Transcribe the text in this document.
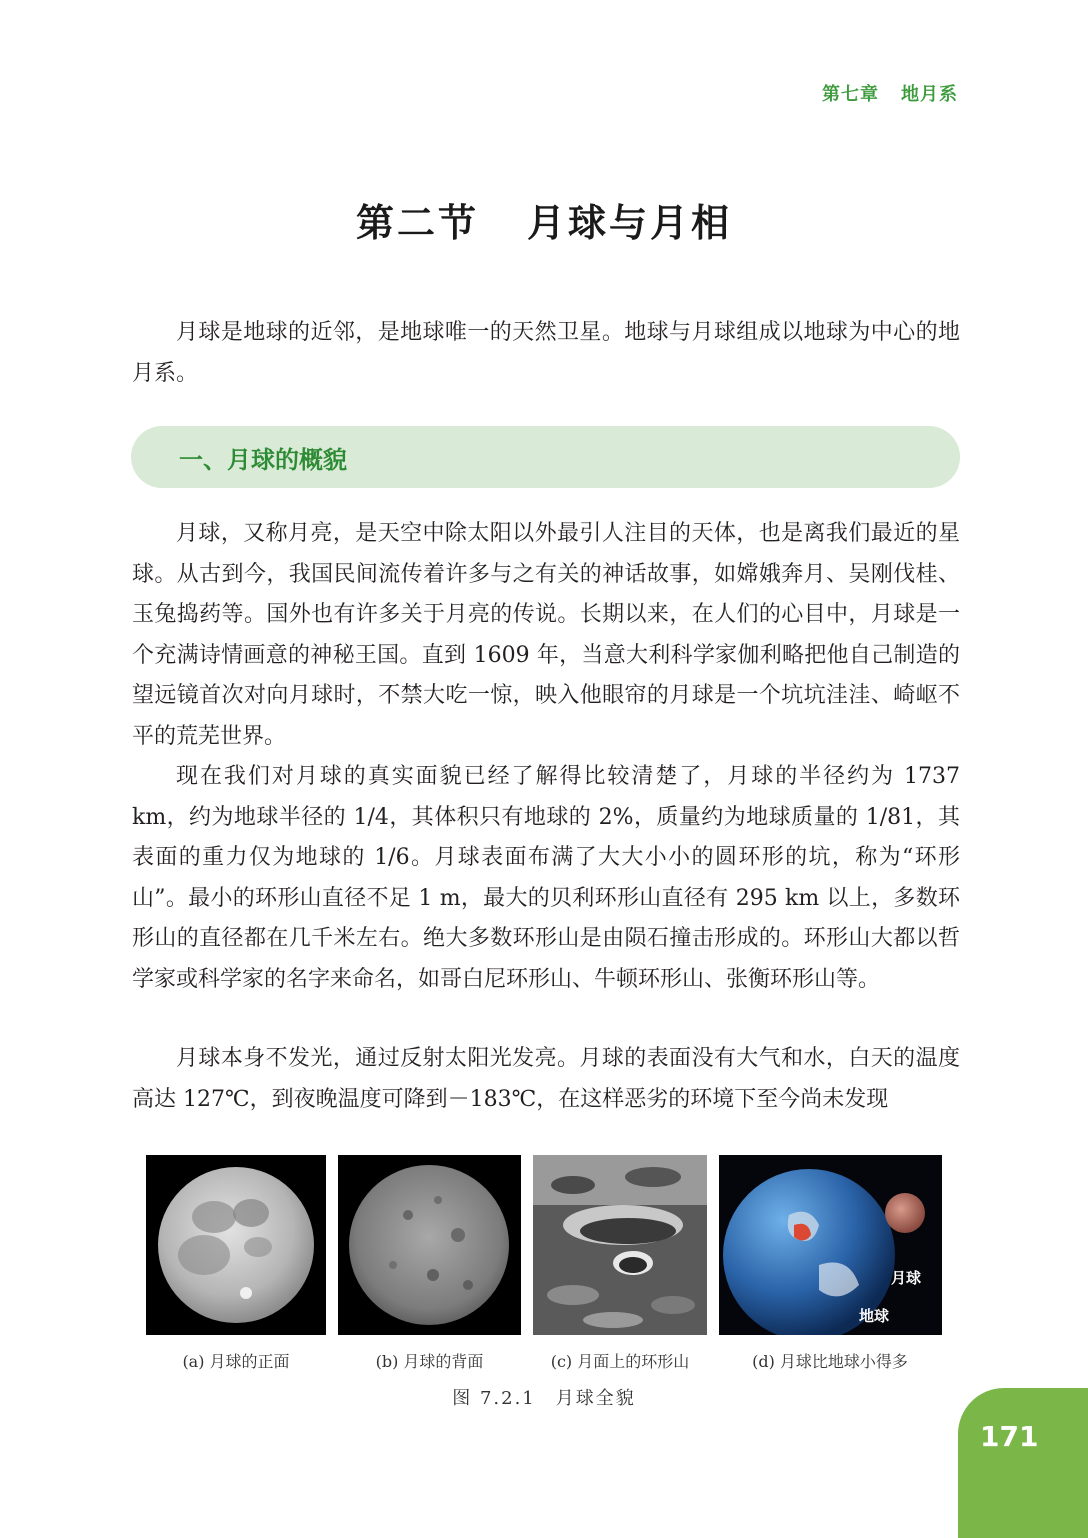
第七章 地月系
第二节 月球与月相

月球是地球的近邻，是地球唯一的天然卫星。地球与月球组成以地球为中心的地月系。

一、月球的概貌

月球，又称月亮，是天空中除太阳以外最引人注目的天体，也是离我们最近的星球。从古到今，我国民间流传着许多与之有关的神话故事，如嫦娥奔月、吴刚伐桂、玉兔捣药等。国外也有许多关于月亮的传说。长期以来，在人们的心目中，月球是一个充满诗情画意的神秘王国。直到 1609 年，当意大利科学家伽利略把他自己制造的望远镜首次对向月球时，不禁大吃一惊，映入他眼帘的月球是一个坑坑洼洼、崎岖不平的荒芜世界。

现在我们对月球的真实面貌已经了解得比较清楚了，月球的半径约为 1737 km，约为地球半径的 1/4，其体积只有地球的 2%，质量约为地球质量的 1/81，其表面的重力仅为地球的 1/6。月球表面布满了大大小小的圆环形的坑，称为“环形山”。最小的环形山直径不足 1 m，最大的贝利环形山直径有 295 km 以上，多数环形山的直径都在几千米左右。绝大多数环形山是由陨石撞击形成的。环形山大都以哲学家或科学家的名字来命名，如哥白尼环形山、牛顿环形山、张衡环形山等。

月球本身不发光，通过反射太阳光发亮。月球的表面没有大气和水，白天的温度高达 127℃，到夜晚温度可降到－183℃，在这样恶劣的环境下至今尚未发现

月球
地球
(a) 月球的正面	(b) 月球的背面	(c) 月面上的环形山	(d) 月球比地球小得多
图 7.2.1　月球全貌
171
